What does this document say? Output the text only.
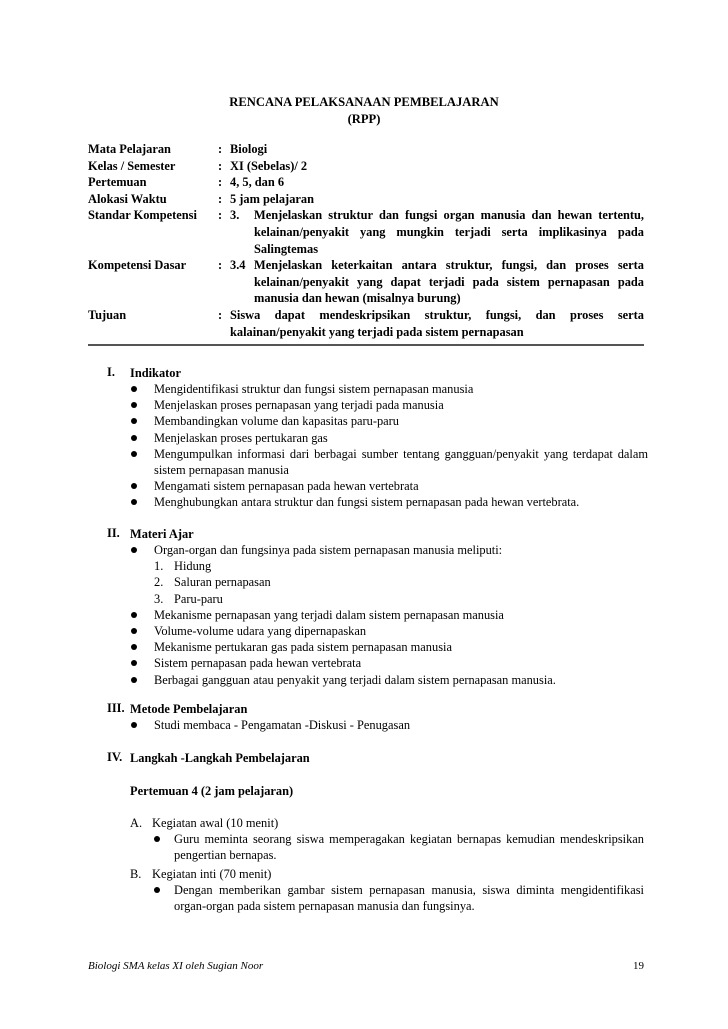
RENCANA PELAKSANAAN PEMBELAJARAN
(RPP)
Mata Pelajaran	: Biologi
Kelas / Semester	: XI (Sebelas)/ 2
Pertemuan	: 4, 5, dan 6
Alokasi Waktu	: 5 jam pelajaran
Standar Kompetensi	: 3. Menjelaskan struktur dan fungsi organ manusia dan hewan tertentu, kelainan/penyakit yang mungkin terjadi serta implikasinya pada Salingtemas
Kompetensi Dasar	: 3.4 Menjelaskan keterkaitan antara struktur, fungsi, dan proses serta kelainan/penyakit yang dapat terjadi pada sistem pernapasan pada manusia dan hewan (misalnya burung)
Tujuan	: Siswa dapat mendeskripsikan struktur, fungsi, dan proses serta kalainan/penyakit yang terjadi pada sistem pernapasan
I.	Indikator
Mengidentifikasi struktur dan fungsi sistem pernapasan manusia
Menjelaskan proses pernapasan yang terjadi pada manusia
Membandingkan volume dan kapasitas paru-paru
Menjelaskan proses pertukaran gas
Mengumpulkan informasi dari berbagai sumber tentang gangguan/penyakit yang terdapat dalam sistem pernapasan manusia
Mengamati sistem pernapasan pada hewan vertebrata
Menghubungkan antara struktur dan fungsi sistem pernapasan pada hewan vertebrata.
II. Materi Ajar
Organ-organ dan fungsinya pada sistem pernapasan manusia meliputi:
1. Hidung
2. Saluran pernapasan
3. Paru-paru
Mekanisme pernapasan yang terjadi dalam sistem pernapasan manusia
Volume-volume udara yang dipernapaskan
Mekanisme pertukaran gas pada sistem pernapasan manusia
Sistem pernapasan pada hewan vertebrata
Berbagai gangguan atau penyakit yang terjadi dalam sistem pernapasan manusia.
III. Metode Pembelajaran
Studi membaca - Pengamatan -Diskusi - Penugasan
IV. Langkah -Langkah Pembelajaran
Pertemuan 4 (2 jam pelajaran)
A. Kegiatan awal (10 menit)
Guru meminta seorang siswa memperagakan kegiatan bernapas kemudian mendeskripsikan pengertian bernapas.
B. Kegiatan inti (70 menit)
Dengan memberikan gambar sistem pernapasan manusia, siswa diminta mengidentifikasi organ-organ pada sistem pernapasan manusia dan fungsinya.
Biologi SMA kelas XI oleh Sugian Noor	19
